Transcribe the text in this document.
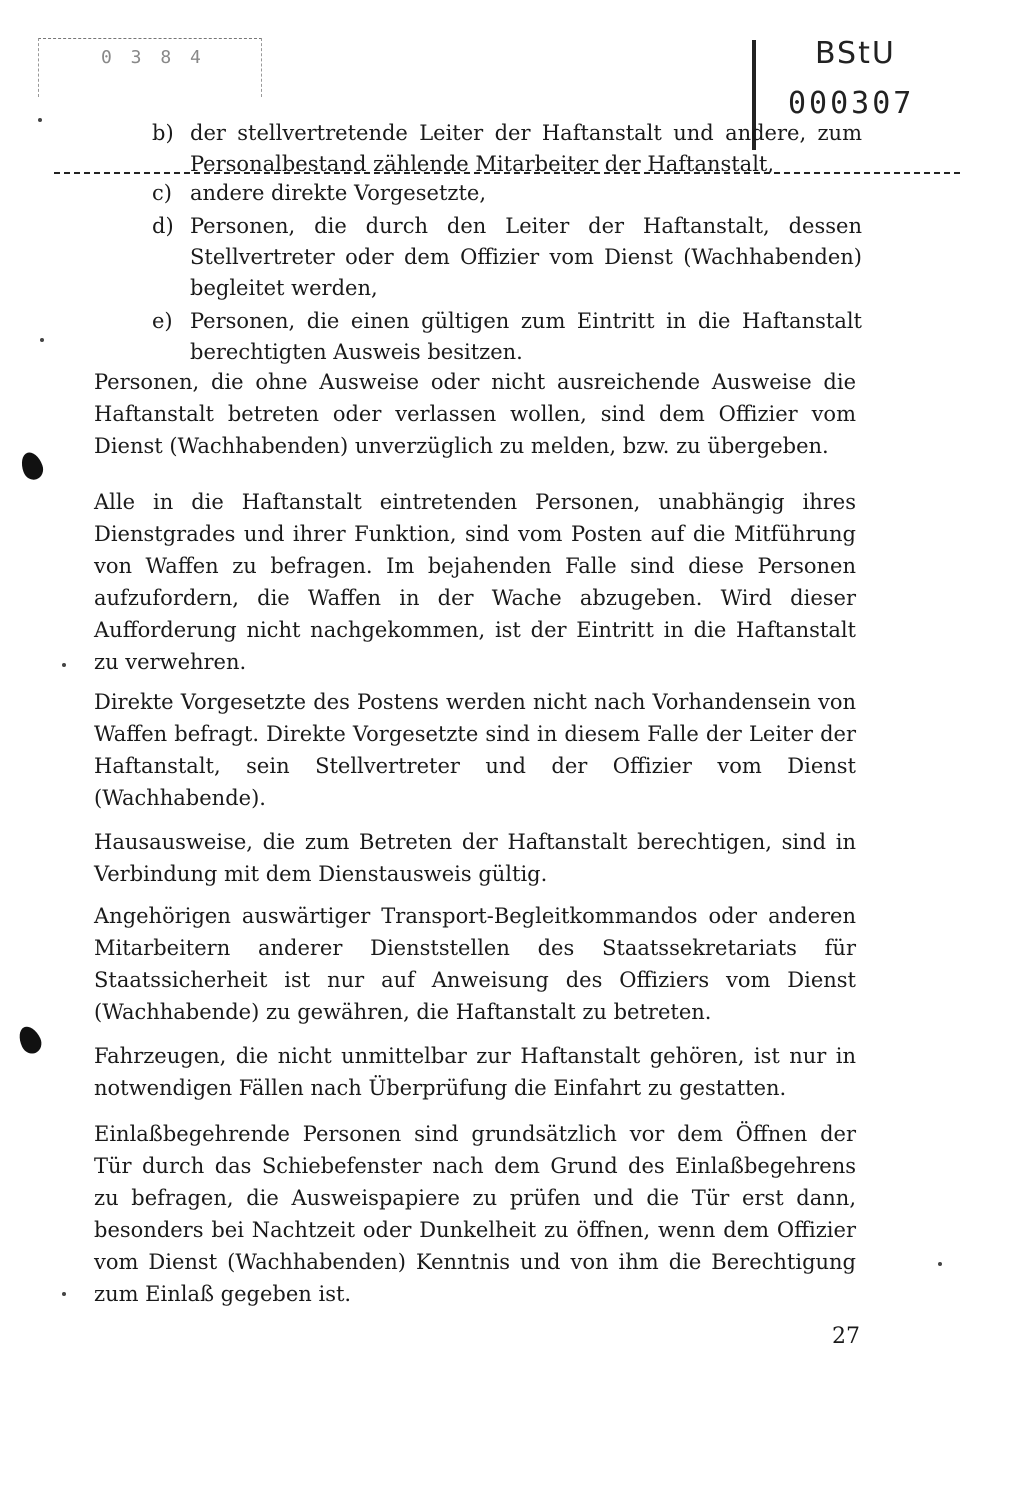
0 3 8 4	BStU
000307
b) der stellvertretende Leiter der Haftanstalt und andere, zum Personalbestand zählende Mitarbeiter der Haftanstalt,
c) andere direkte Vorgesetzte,
d) Personen, die durch den Leiter der Haftanstalt, dessen Stellvertreter oder dem Offizier vom Dienst (Wachhabenden) begleitet werden,
e) Personen, die einen gültigen zum Eintritt in die Haftanstalt berechtigten Ausweis besitzen.

Personen, die ohne Ausweise oder nicht ausreichende Ausweise die Haftanstalt betreten oder verlassen wollen, sind dem Offizier vom Dienst (Wachhabenden) unverzüglich zu melden, bzw. zu übergeben.

Alle in die Haftanstalt eintretenden Personen, unabhängig ihres Dienstgrades und ihrer Funktion, sind vom Posten auf die Mitführung von Waffen zu befragen. Im bejahenden Falle sind diese Personen aufzufordern, die Waffen in der Wache abzugeben. Wird dieser Aufforderung nicht nachgekommen, ist der Eintritt in die Haftanstalt zu verwehren.

Direkte Vorgesetzte des Postens werden nicht nach Vorhandensein von Waffen befragt. Direkte Vorgesetzte sind in diesem Falle der Leiter der Haftanstalt, sein Stellvertreter und der Offizier vom Dienst (Wachhabende).

Hausausweise, die zum Betreten der Haftanstalt berechtigen, sind in Verbindung mit dem Dienstausweis gültig.

Angehörigen auswärtiger Transport-Begleitkommandos oder anderen Mitarbeitern anderer Dienststellen des Staatssekretariats für Staatssicherheit ist nur auf Anweisung des Offiziers vom Dienst (Wachhabende) zu gewähren, die Haftanstalt zu betreten.

Fahrzeugen, die nicht unmittelbar zur Haftanstalt gehören, ist nur in notwendigen Fällen nach Überprüfung die Einfahrt zu gestatten.

Einlaßbegehrende Personen sind grundsätzlich vor dem Öffnen der Tür durch das Schiebefenster nach dem Grund des Einlaßbegehrens zu befragen, die Ausweispapiere zu prüfen und die Tür erst dann, besonders bei Nachtzeit oder Dunkelheit zu öffnen, wenn dem Offizier vom Dienst (Wachhabenden) Kenntnis und von ihm die Berechtigung zum Einlaß gegeben ist.

27
